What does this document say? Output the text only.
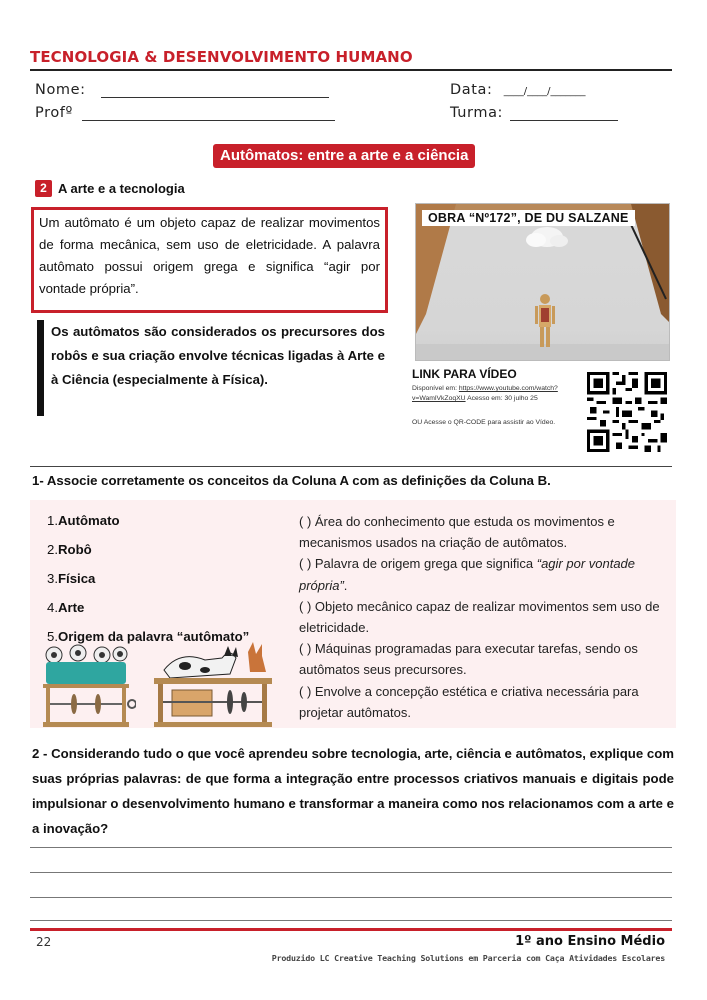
TECNOLOGIA & DESENVOLVIMENTO HUMANO
Nome:
Profº
Data: ____/____/_______
Turma:
Autômatos: entre a arte e a ciência
2 A arte e a tecnologia
Um autômato é um objeto capaz de realizar movimentos de forma mecânica, sem uso de eletricidade. A palavra autômato possui origem grega e significa “agir por vontade própria”.
Os autômatos são considerados os precursores dos robôs e sua criação envolve técnicas ligadas à Arte e à Ciência (especialmente à Física).
OBRA “Nº172”, DE DU SALZANE
LINK PARA VÍDEO
Disponível em: https://www.youtube.com/watch?
v=WamlVkZoqXU Acesso em: 30 julho 25
OU Acesse o QR-CODE para assistir ao Vídeo.
1- Associe corretamente os conceitos da Coluna A com as definições da Coluna B.
1.Autômato
2.Robô
3.Física
4.Arte
5.Origem da palavra “autômato”
( ) Área do conhecimento que estuda os movimentos e mecanismos usados na criação de autômatos.
( ) Palavra de origem grega que significa “agir por vontade própria”.
( ) Objeto mecânico capaz de realizar movimentos sem uso de eletricidade.
( ) Máquinas programadas para executar tarefas, sendo os autômatos seus precursores.
( ) Envolve a concepção estética e criativa necessária para projetar autômatos.
2 - Considerando tudo o que você aprendeu sobre tecnologia, arte, ciência e autômatos, explique com suas próprias palavras: de que forma a integração entre processos criativos manuais e digitais pode impulsionar o desenvolvimento humano e transformar a maneira como nos relacionamos com a arte e a inovação?
22	1º ano Ensino Médio
Produzido LC Creative Teaching Solutions em Parceria com Caça Atividades Escolares
